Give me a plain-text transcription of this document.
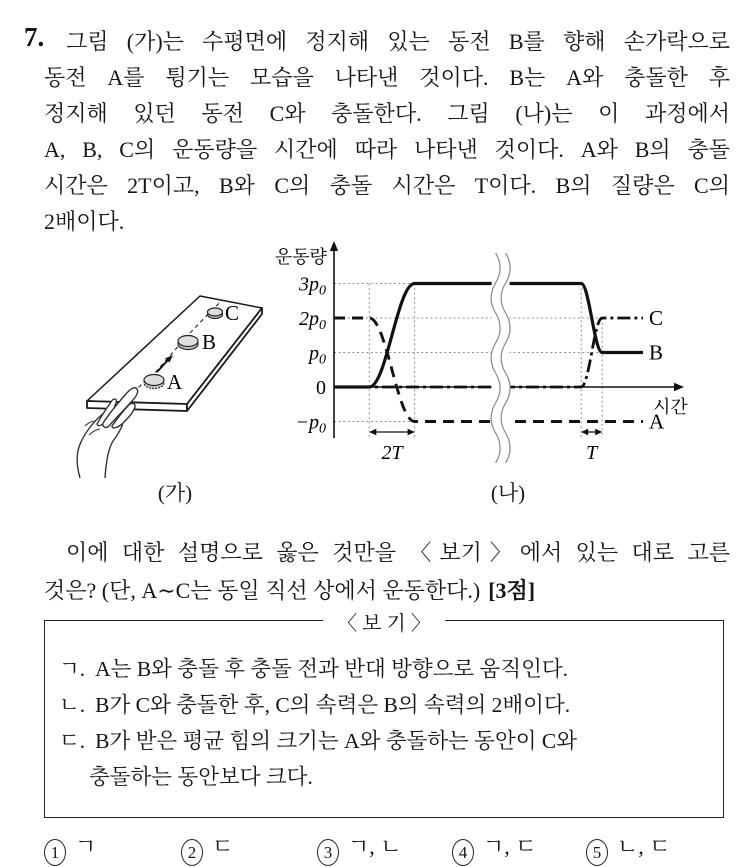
7. 그림 (가)는 수평면에 정지해 있는 동전 B를 향해 손가락으로
동전 A를 튕기는 모습을 나타낸 것이다. B는 A와 충돌한 후
정지해 있던 동전 C와 충돌한다. 그림 (나)는 이 과정에서
A, B, C의 운동량을 시간에 따라 나타낸 것이다. A와 B의 충돌
시간은 2T이고, B와 C의 충돌 시간은 T이다. B의 질량은 C의
2배이다.
A
B
C
2T	T
$3p_0$
$2p_0$
$p_0$
0
$-p_0$
운동량
시간
C
A
B
(가)	(나)
이에 대한 설명으로 옳은 것만을 〈보기〉에서 있는 대로 고른
것은? (단, A∼C는 동일 직선 상에서 운동한다.) [3점]
〈 보 기 〉
ㄱ. A는 B와 충돌 후 충돌 전과 반대 방향으로 움직인다.
ㄴ. B가 C와 충돌한 후, C의 속력은 B의 속력의 2배이다.
ㄷ. B가 받은 평균 힘의 크기는 A와 충돌하는 동안이 C와
충돌하는 동안보다 크다.
1 ㄱ	2 ㄷ	3 ㄱ, ㄴ	4 ㄱ, ㄷ	5 ㄴ, ㄷ
